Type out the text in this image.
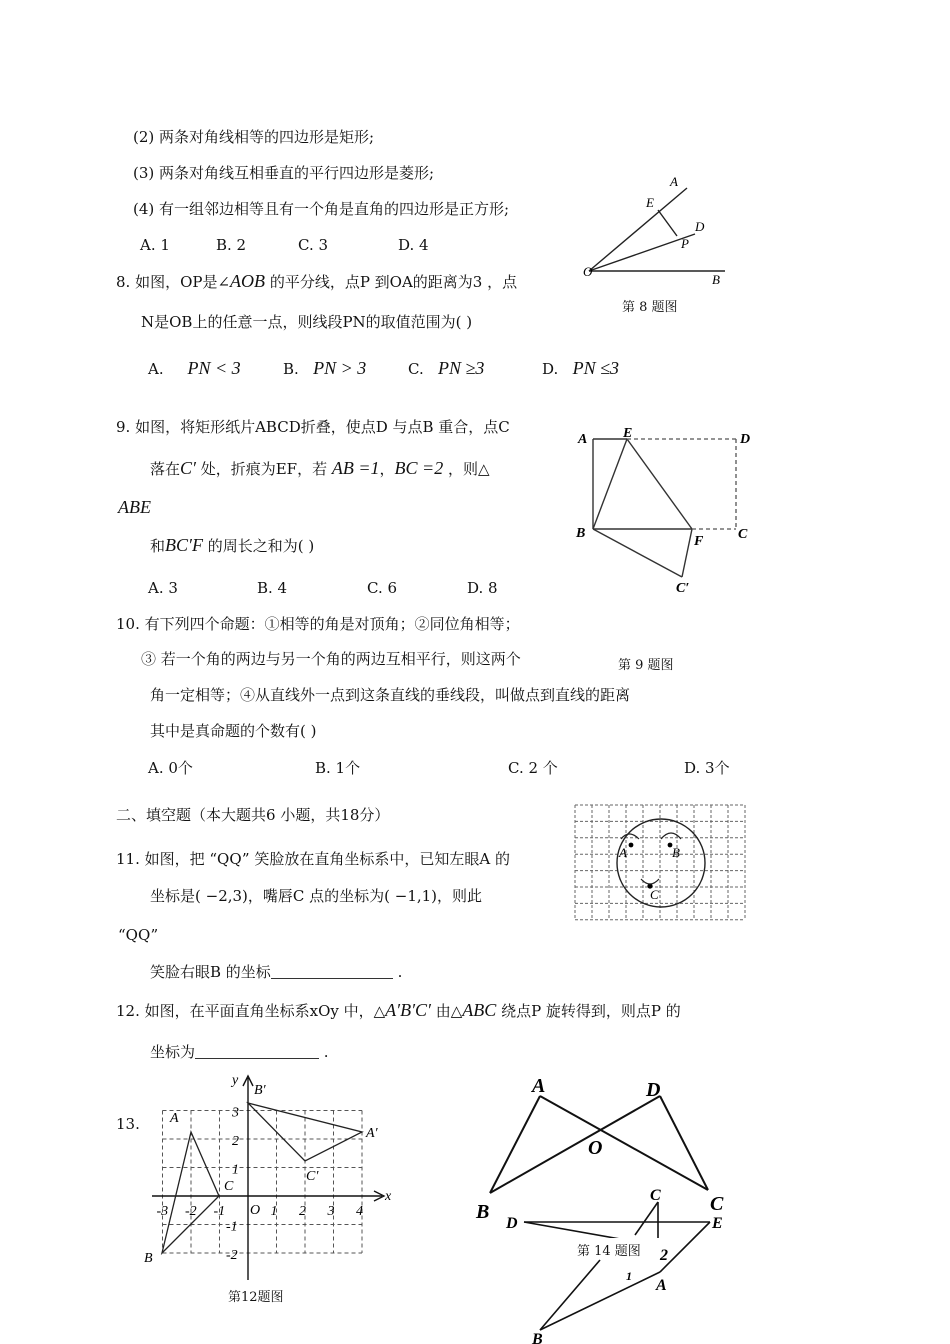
(2) 两条对角线相等的四边形是矩形;
(3) 两条对角线互相垂直的平行四边形是菱形;
(4) 有一组邻边相等且有一个角是直角的四边形是正方形;
A. 1	B. 2	C. 3	D. 4
8. 如图，OP是∠AOB 的平分线，点P 到OA的距离为3 ，点
N是OB上的任意一点，则线段PN的取值范围为( )
A. PN < 3	B. PN > 3	C. PN ≥3	D. PN ≤3
第 8 题图
A
E
D
P
O
B
9. 如图，将矩形纸片ABCD折叠，使点D 与点B 重合，点C
落在C′ 处，折痕为EF，若 AB =1，BC =2 ，则△
ABE
和BC′F 的周长之和为( )
A. 3	B. 4	C. 6	D. 8
第 9 题图
A	E	D
B
F C
C′
10. 有下列四个命题：①相等的角是对顶角；②同位角相等；
③ 若一个角的两边与另一个角的两边互相平行，则这两个
角一定相等；④从直线外一点到这条直线的垂线段，叫做点到直线的距离
其中是真命题的个数有( )
A. 0个	B. 1个	C. 2 个	D. 3个
二、填空题（本大题共6 小题，共18分）
11. 如图，把 “QQ” 笑脸放在直角坐标系中，已知左眼A 的
坐标是( −2,3)，嘴唇C 点的坐标为( −1,1)，则此
“QQ”
笑脸右眼B 的坐标	.
A	B
C
12. 如图，在平面直角坐标系xOy 中，△A′B′C′ 由△ABC 绕点P 旋转得到，则点P 的
坐标为	.
13.
第12题图
x
y
O
A
B
C
A′
B′
C′
-3 -2 -1	1 2 3 4
3
2
1
-1
-2
A	D
O
B	C
C
D	E
A
B
2
1
第 14 题图
